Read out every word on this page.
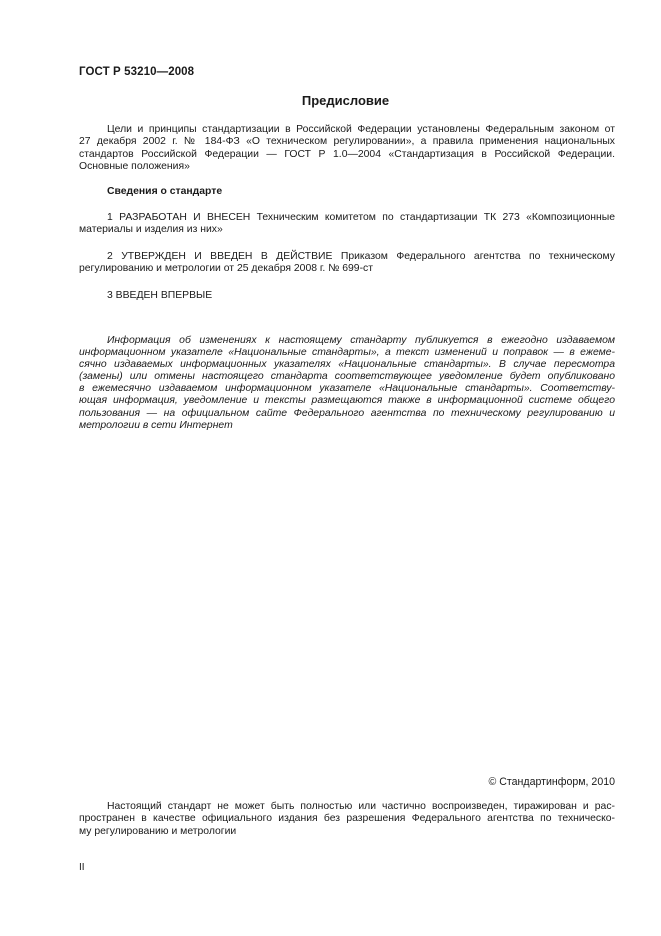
ГОСТ Р 53210—2008
Предисловие
Цели и принципы стандартизации в Российской Федерации установлены Федеральным законом от
27 декабря 2002 г. № 184-ФЗ «О техническом регулировании», а правила применения национальных
стандартов Российской Федерации — ГОСТ Р 1.0—2004 «Стандартизация в Российской Федерации.
Основные положения»
Сведения о стандарте
1 РАЗРАБОТАН И ВНЕСЕН Техническим комитетом по стандартизации ТК 273 «Композиционные
материалы и изделия из них»
2 УТВЕРЖДЕН И ВВЕДЕН В ДЕЙСТВИЕ Приказом Федерального агентства по техническому
регулированию и метрологии от 25 декабря 2008 г. № 699-ст
3 ВВЕДЕН ВПЕРВЫЕ
Информация об изменениях к настоящему стандарту публикуется в ежегодно издаваемом
информационном указателе «Национальные стандарты», а текст изменений и поправок — в ежеме-
сячно издаваемых информационных указателях «Национальные стандарты». В случае пересмотра
(замены) или отмены настоящего стандарта соответствующее уведомление будет опубликовано
в ежемесячно издаваемом информационном указателе «Национальные стандарты». Соответству-
ющая информация, уведомление и тексты размещаются также в информационной системе общего
пользования — на официальном сайте Федерального агентства по техническому регулированию и
метрологии в сети Интернет
© Стандартинформ, 2010
Настоящий стандарт не может быть полностью или частично воспроизведен, тиражирован и рас-
пространен в качестве официального издания без разрешения Федерального агентства по техническо-
му регулированию и метрологии
II
